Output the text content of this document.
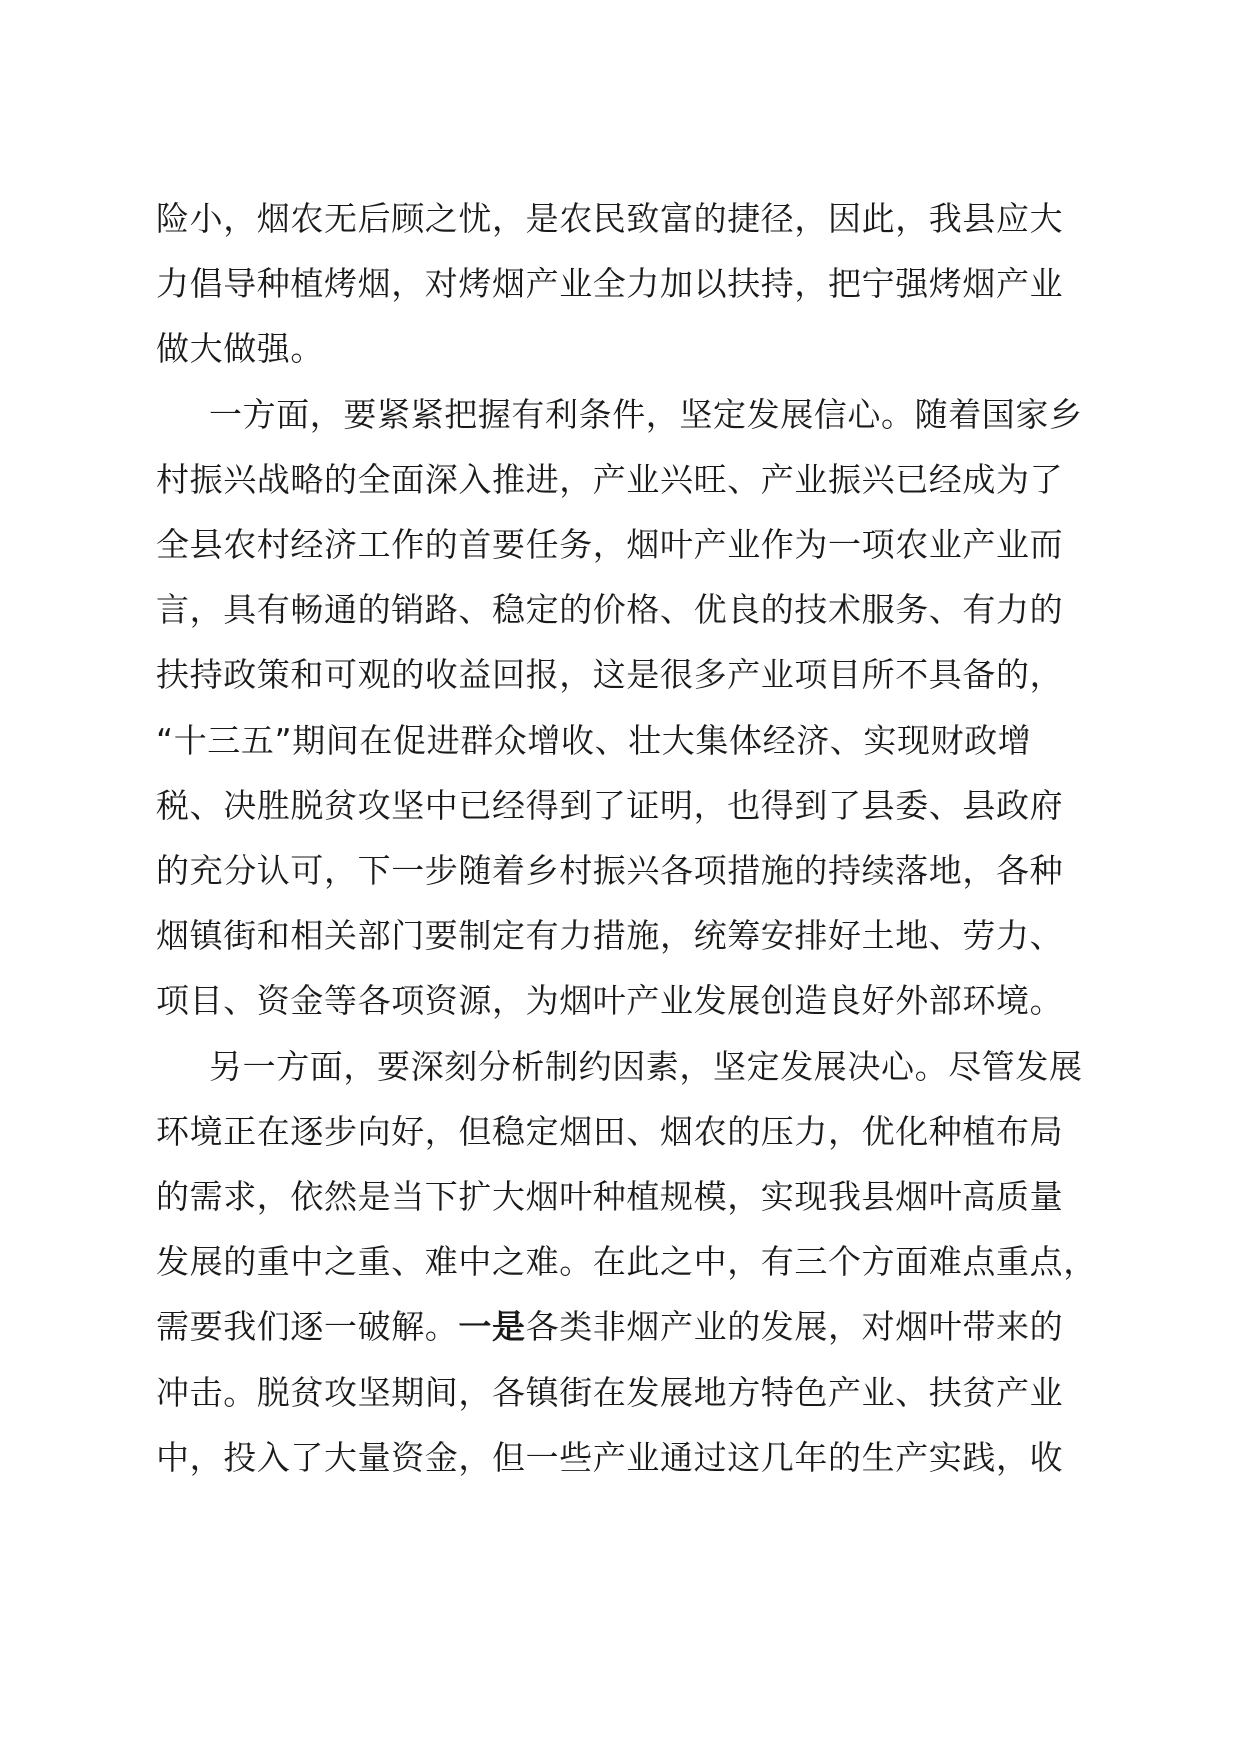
险小，烟农无后顾之忧，是农民致富的捷径，因此，我县应大
力倡导种植烤烟，对烤烟产业全力加以扶持，把宁强烤烟产业
做大做强。

一方面，要紧紧把握有利条件，坚定发展信心。随着国家乡
村振兴战略的全面深入推进，产业兴旺、产业振兴已经成为了
全县农村经济工作的首要任务，烟叶产业作为一项农业产业而
言，具有畅通的销路、稳定的价格、优良的技术服务、有力的
扶持政策和可观的收益回报，这是很多产业项目所不具备的，
“十三五”期间在促进群众增收、壮大集体经济、实现财政增
税、决胜脱贫攻坚中已经得到了证明，也得到了县委、县政府
的充分认可，下一步随着乡村振兴各项措施的持续落地，各种
烟镇街和相关部门要制定有力措施，统筹安排好土地、劳力、
项目、资金等各项资源，为烟叶产业发展创造良好外部环境。

另一方面，要深刻分析制约因素，坚定发展决心。尽管发展
环境正在逐步向好，但稳定烟田、烟农的压力，优化种植布局
的需求，依然是当下扩大烟叶种植规模，实现我县烟叶高质量
发展的重中之重、难中之难。在此之中，有三个方面难点重点，
需要我们逐一破解。一是各类非烟产业的发展，对烟叶带来的
冲击。脱贫攻坚期间，各镇街在发展地方特色产业、扶贫产业
中，投入了大量资金，但一些产业通过这几年的生产实践，收
